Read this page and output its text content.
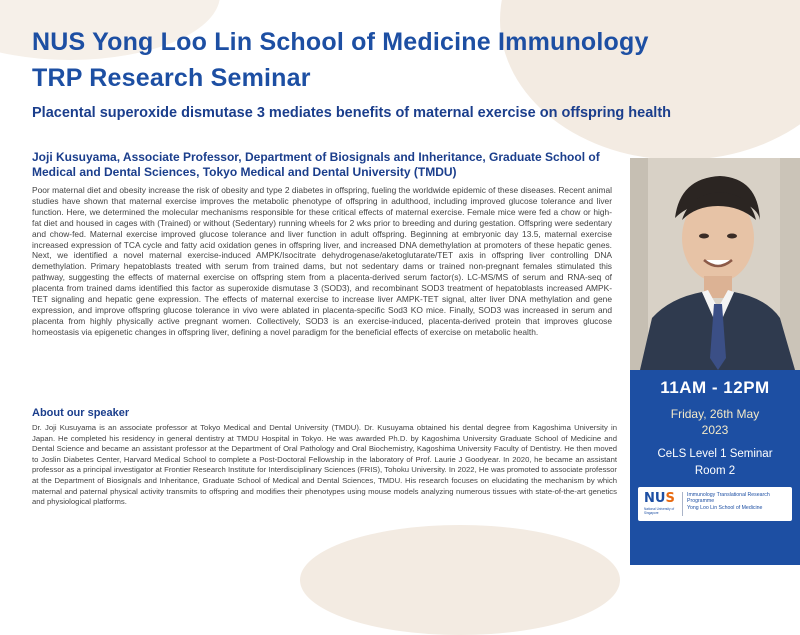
NUS Yong Loo Lin School of Medicine Immunology
TRP Research Seminar
Placental superoxide dismutase 3 mediates benefits of maternal exercise on offspring health
Joji Kusuyama, Associate Professor, Department of Biosignals and Inheritance, Graduate School of Medical and Dental Sciences, Tokyo Medical and Dental University (TMDU)
Poor maternal diet and obesity increase the risk of obesity and type 2 diabetes in offspring, fueling the worldwide epidemic of these diseases. Recent animal studies have shown that maternal exercise improves the metabolic phenotype of offspring in adulthood, including improved glucose tolerance and liver function. Here, we determined the molecular mechanisms responsible for these critical effects of maternal exercise. Female mice were fed a chow or high-fat diet and housed in cages with (Trained) or without (Sedentary) running wheels for 2 wks prior to breeding and during gestation. Offspring were sedentary and chow-fed. Maternal exercise improved glucose tolerance and liver function in adult offspring. Beginning at embryonic day 13.5, maternal exercise increased expression of TCA cycle and fatty acid oxidation genes in offspring liver, and increased DNA demethylation at promoters of these hepatic genes. Next, we identified a novel maternal exercise-induced AMPK/Isocitrate dehydrogenase/aketoglutarate/TET axis in offspring liver controlling DNA demethylation. Primary hepatoblasts treated with serum from trained dams, but not sedentary dams or trained non-pregnant females stimulated this pathway, suggesting the effects of maternal exercise on offspring stem from a placenta-derived serum factor(s). LC-MS/MS of serum and RNA-seq of placenta from trained dams identified this factor as superoxide dismutase 3 (SOD3), and recombinant SOD3 treatment of hepatoblasts increased AMPK-TET signaling and hepatic gene expression. The effects of maternal exercise to increase liver AMPK-TET signal, alter liver DNA methylation and gene expression, and improve offspring glucose tolerance in vivo were ablated in placenta-specific Sod3 KO mice. Finally, SOD3 was increased in serum and placenta from highly physically active pregnant women. Collectively, SOD3 is an exercise-induced, placenta-derived protein that improves glucose homeostasis via epigenetic changes in offspring liver, defining a novel paradigm for the beneficial effects of exercise on metabolic health.
About our speaker
Dr. Joji Kusuyama is an associate professor at Tokyo Medical and Dental University (TMDU). Dr. Kusuyama obtained his dental degree from Kagoshima University in Japan. He completed his residency in general dentistry at TMDU Hospital in Tokyo. He was awarded Ph.D. by Kagoshima University Graduate School of Medicine and Dental Science and became an assistant professor at the Department of Oral Pathology and Oral Biochemistry, Kagoshima University Faculty of Dentistry. He then moved to Joslin Diabetes Center, Harvard Medical School to complete a Post-Doctoral Fellowship in the laboratory of Prof. Laurie J Goodyear. In 2020, he became an assistant professor as a principal investigator at Frontier Research Institute for Interdisciplinary Sciences (FRIS), Tohoku University. In 2022, He was promoted to associate professor at the Department of Biosignals and Inheritance, Graduate School of Medical and Dental Sciences, TMDU. His research focuses on elucidating the mechanism by which maternal and paternal physical activity transmits to offspring and modifies their phenotypes using mouse models analyzing numerous tissues with state-of-the-art genetics and physiological platforms.
11AM - 12PM
Friday, 26th May
2023
CeLS Level 1 Seminar
Room 2
NUS
National University of Singapore
Immunology Translational Research
Programme
Yong Loo Lin School of Medicine
